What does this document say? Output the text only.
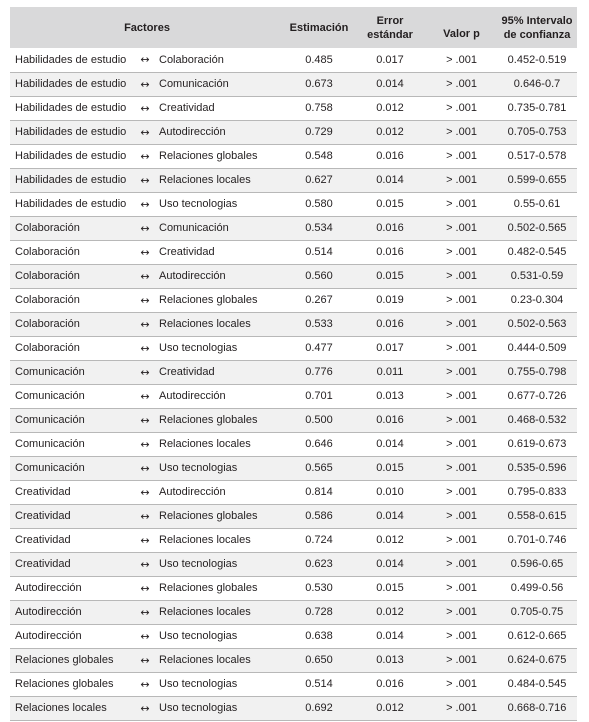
Factores			Estimación	Error
estándar	Valor p	95% Intervalo
de confianza
Habilidades de estudio	↔	Colaboración	0.485	0.017	> .001	0.452-0.519
Habilidades de estudio	↔	Comunicación	0.673	0.014	> .001	0.646-0.7
Habilidades de estudio	↔	Creatividad	0.758	0.012	> .001	0.735-0.781
Habilidades de estudio	↔	Autodirección	0.729	0.012	> .001	0.705-0.753
Habilidades de estudio	↔	Relaciones globales	0.548	0.016	> .001	0.517-0.578
Habilidades de estudio	↔	Relaciones locales	0.627	0.014	> .001	0.599-0.655
Habilidades de estudio	↔	Uso tecnologias	0.580	0.015	> .001	0.55-0.61
Colaboración	↔	Comunicación	0.534	0.016	> .001	0.502-0.565
Colaboración	↔	Creatividad	0.514	0.016	> .001	0.482-0.545
Colaboración	↔	Autodirección	0.560	0.015	> .001	0.531-0.59
Colaboración	↔	Relaciones globales	0.267	0.019	> .001	0.23-0.304
Colaboración	↔	Relaciones locales	0.533	0.016	> .001	0.502-0.563
Colaboración	↔	Uso tecnologias	0.477	0.017	> .001	0.444-0.509
Comunicación	↔	Creatividad	0.776	0.011	> .001	0.755-0.798
Comunicación	↔	Autodirección	0.701	0.013	> .001	0.677-0.726
Comunicación	↔	Relaciones globales	0.500	0.016	> .001	0.468-0.532
Comunicación	↔	Relaciones locales	0.646	0.014	> .001	0.619-0.673
Comunicación	↔	Uso tecnologias	0.565	0.015	> .001	0.535-0.596
Creatividad	↔	Autodirección	0.814	0.010	> .001	0.795-0.833
Creatividad	↔	Relaciones globales	0.586	0.014	> .001	0.558-0.615
Creatividad	↔	Relaciones locales	0.724	0.012	> .001	0.701-0.746
Creatividad	↔	Uso tecnologias	0.623	0.014	> .001	0.596-0.65
Autodirección	↔	Relaciones globales	0.530	0.015	> .001	0.499-0.56
Autodirección	↔	Relaciones locales	0.728	0.012	> .001	0.705-0.75
Autodirección	↔	Uso tecnologias	0.638	0.014	> .001	0.612-0.665
Relaciones globales	↔	Relaciones locales	0.650	0.013	> .001	0.624-0.675
Relaciones globales	↔	Uso tecnologias	0.514	0.016	> .001	0.484-0.545
Relaciones locales	↔	Uso tecnologias	0.692	0.012	> .001	0.668-0.716
